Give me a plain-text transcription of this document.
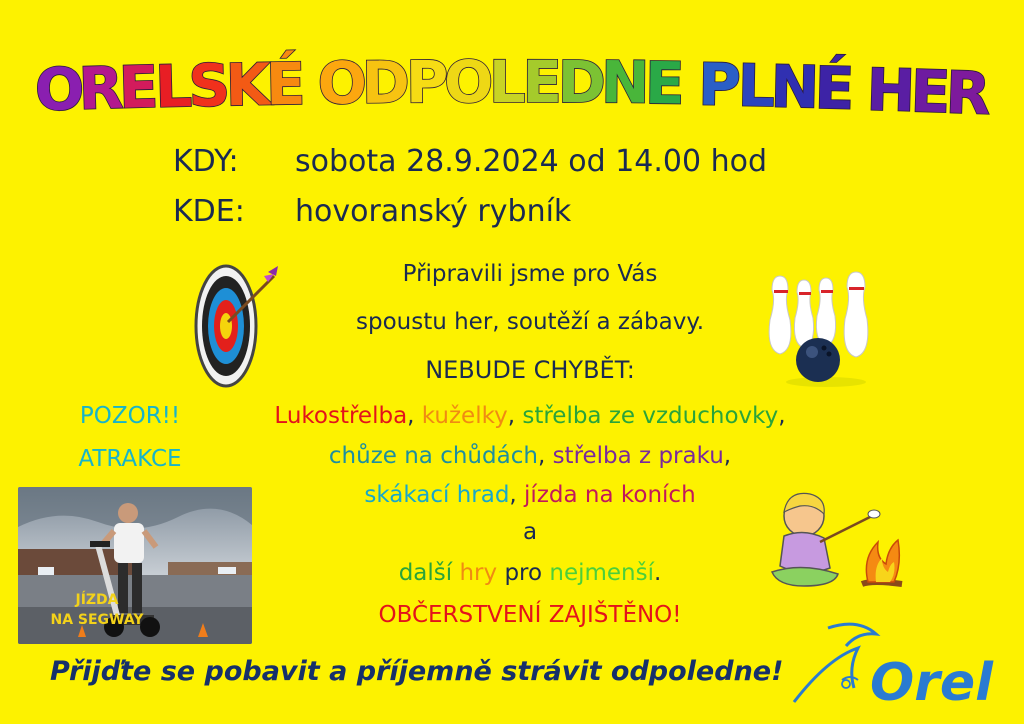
O
R
E
L
S
K
É O
D
P
O
L
E
D
N
E P
L
N
É H
E
R
KDY: sobota 28.9.2024 od 14.00 hod
KDE: hovoranský rybník
Připravili jsme pro Vás
spoustu her, soutěží a zábavy.
NEBUDE CHYBĚT:
Lukostřelba, kuželky, střelba ze vzduchovky,
chůze na chůdách, střelba z praku,
skákací hrad, jízda na koních
a
další hry pro nejmenší.
OBČERSTVENÍ ZAJIŠTĚNO!
POZOR!!
ATRAKCE
JÍZDA
NA SEGWAY
Přijďte se pobavit a příjemně strávit odpoledne! Orel
